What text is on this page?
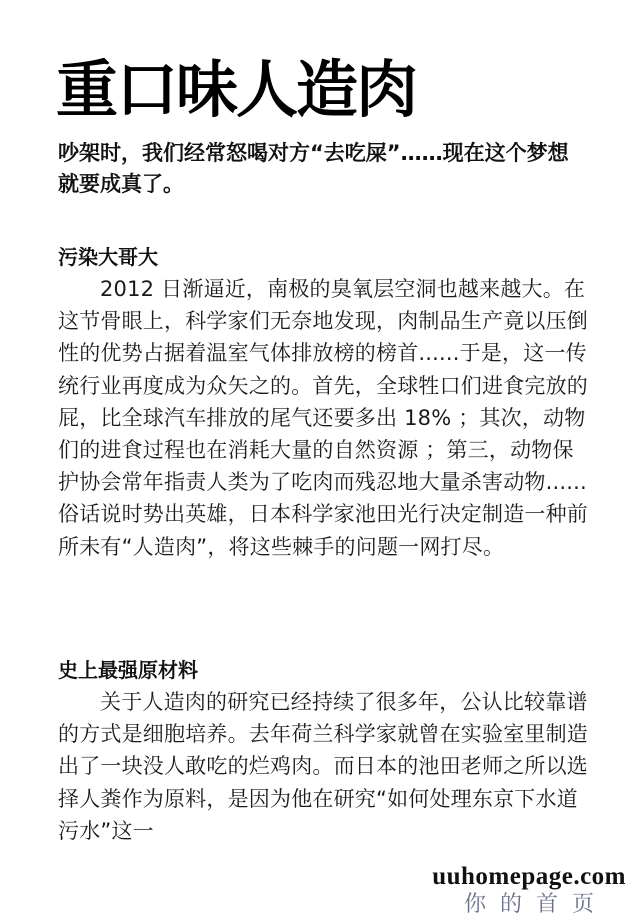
重口味人造肉

吵架时，我们经常怒喝对方“去吃屎”……现在这个梦想就要成真了。

污染大哥大

2012 日渐逼近，南极的臭氧层空洞也越来越大。在这节骨眼上，科学家们无奈地发现，肉制品生产竟以压倒性的优势占据着温室气体排放榜的榜首......于是，这一传统行业再度成为众矢之的。首先，全球牲口们进食完放的屁，比全球汽车排放的尾气还要多出 18% ；其次，动物们的进食过程也在消耗大量的自然资源 ；第三，动物保护协会常年指责人类为了吃肉而残忍地大量杀害动物......俗话说时势出英雄，日本科学家池田光行决定制造一种前所未有“人造肉”，将这些棘手的问题一网打尽。

史上最强原材料

关于人造肉的研究已经持续了很多年，公认比较靠谱的方式是细胞培养。去年荷兰科学家就曾在实验室里制造出了一块没人敢吃的烂鸡肉。而日本的池田老师之所以选择人粪作为原料，是因为他在研究“如何处理东京下水道污水”这一

uuhomepage.com
你的首页
